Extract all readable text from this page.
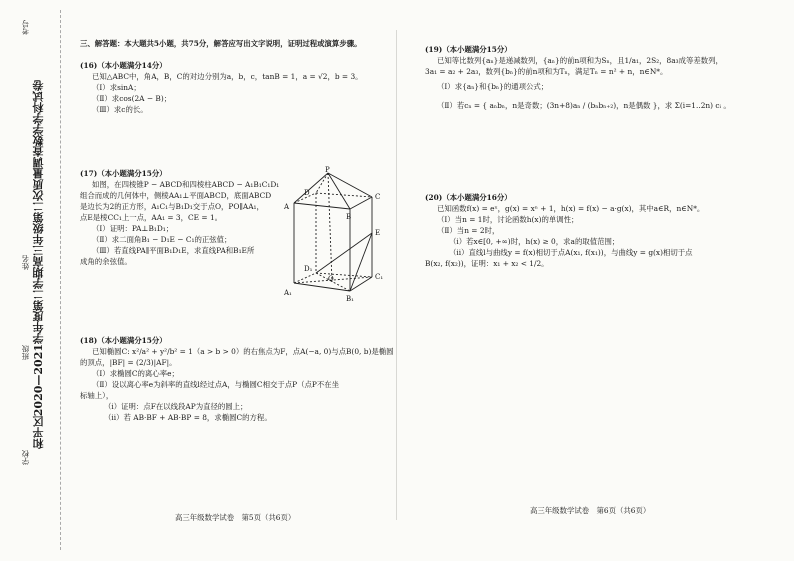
和平区2020—2021学年度第二学期高三年级第二次质量调查数学学科试卷
学校
班级
姓名
考号
三、解答题：本大题共5小题，共75分，解答应写出文字说明，证明过程或演算步骤。
(16)（本小题满分14分）
已知△ABC中，角A，B，C的对边分别为a，b，c，tanB = 1，a = √2，b = 3。
（Ⅰ）求sinA；
（Ⅱ）求cos(2A − B)；
（Ⅲ）求c的长。
(17)（本小题满分15分）
如图，在四棱锥P − ABCD和四棱柱ABCD − A₁B₁C₁D₁
组合而成的几何体中，侧棱AA₁⊥平面ABCD，底面ABCD
是边长为2的正方形，A₁C₁与B₁D₁交于点O，PO∥AA₁，
点E是棱CC₁上一点，AA₁ = 3，CE = 1。
（Ⅰ）证明：PA⊥B₁D₁；
（Ⅱ）求二面角B₁ − D₁E − C₁的正弦值；
（Ⅲ）若直线PA∥平面B₁D₁E，求直线PA和B₁E所
成角的余弦值。
P
A
B
C
D
E
O
A₁
B₁
C₁
D₁
(18)（本小题满分15分）
已知椭圆C: x²/a² + y²/b² = 1（a > b > 0）的右焦点为F，点A(−a, 0)与点B(0, b)是椭圆
的顶点，|BF| = (2/3)|AF|。
（Ⅰ）求椭圆C的离心率e；
（Ⅱ）设以离心率e为斜率的直线l经过点A，与椭圆C相交于点P（点P不在坐
标轴上），
（ⅰ）证明：点F在以线段AP为直径的圆上；
（ⅱ）若 AB·BF + AB·BP = 8，求椭圆C的方程。
高三年级数学试卷　第5页（共6页）
(19)（本小题满分15分）
已知等比数列{aₙ}是递减数列，{aₙ}的前n项和为Sₙ，且1/a₁，2S₂，8a₃成等差数列，
3a₁ = a₂ + 2a₃，数列{bₙ}的前n项和为Tₙ，满足Tₙ = n² + n，n∈N*。
（Ⅰ）求{aₙ}和{bₙ}的通项公式；
（Ⅱ）若cₙ = { aₙbₙ，n是奇数；(3n+8)aₙ / (bₙbₙ₊₂)，n是偶数 }，求 Σ(i=1..2n) cᵢ 。
(20)（本小题满分16分）
已知函数f(x) = eˣ，g(x) = xⁿ + 1，h(x) = f(x) − a·g(x)，其中a∈R，n∈N*。
（Ⅰ）当n = 1时，讨论函数h(x)的单调性；
（Ⅱ）当n = 2时，
（ⅰ）若x∈[0, +∞)时，h(x) ≥ 0，求a的取值范围；
（ⅱ）直线l与曲线y = f(x)相切于点A(x₁, f(x₁))，与曲线y = g(x)相切于点
B(x₂, f(x₂))，证明：x₁ + x₂ < 1/2。
高三年级数学试卷　第6页（共6页）
